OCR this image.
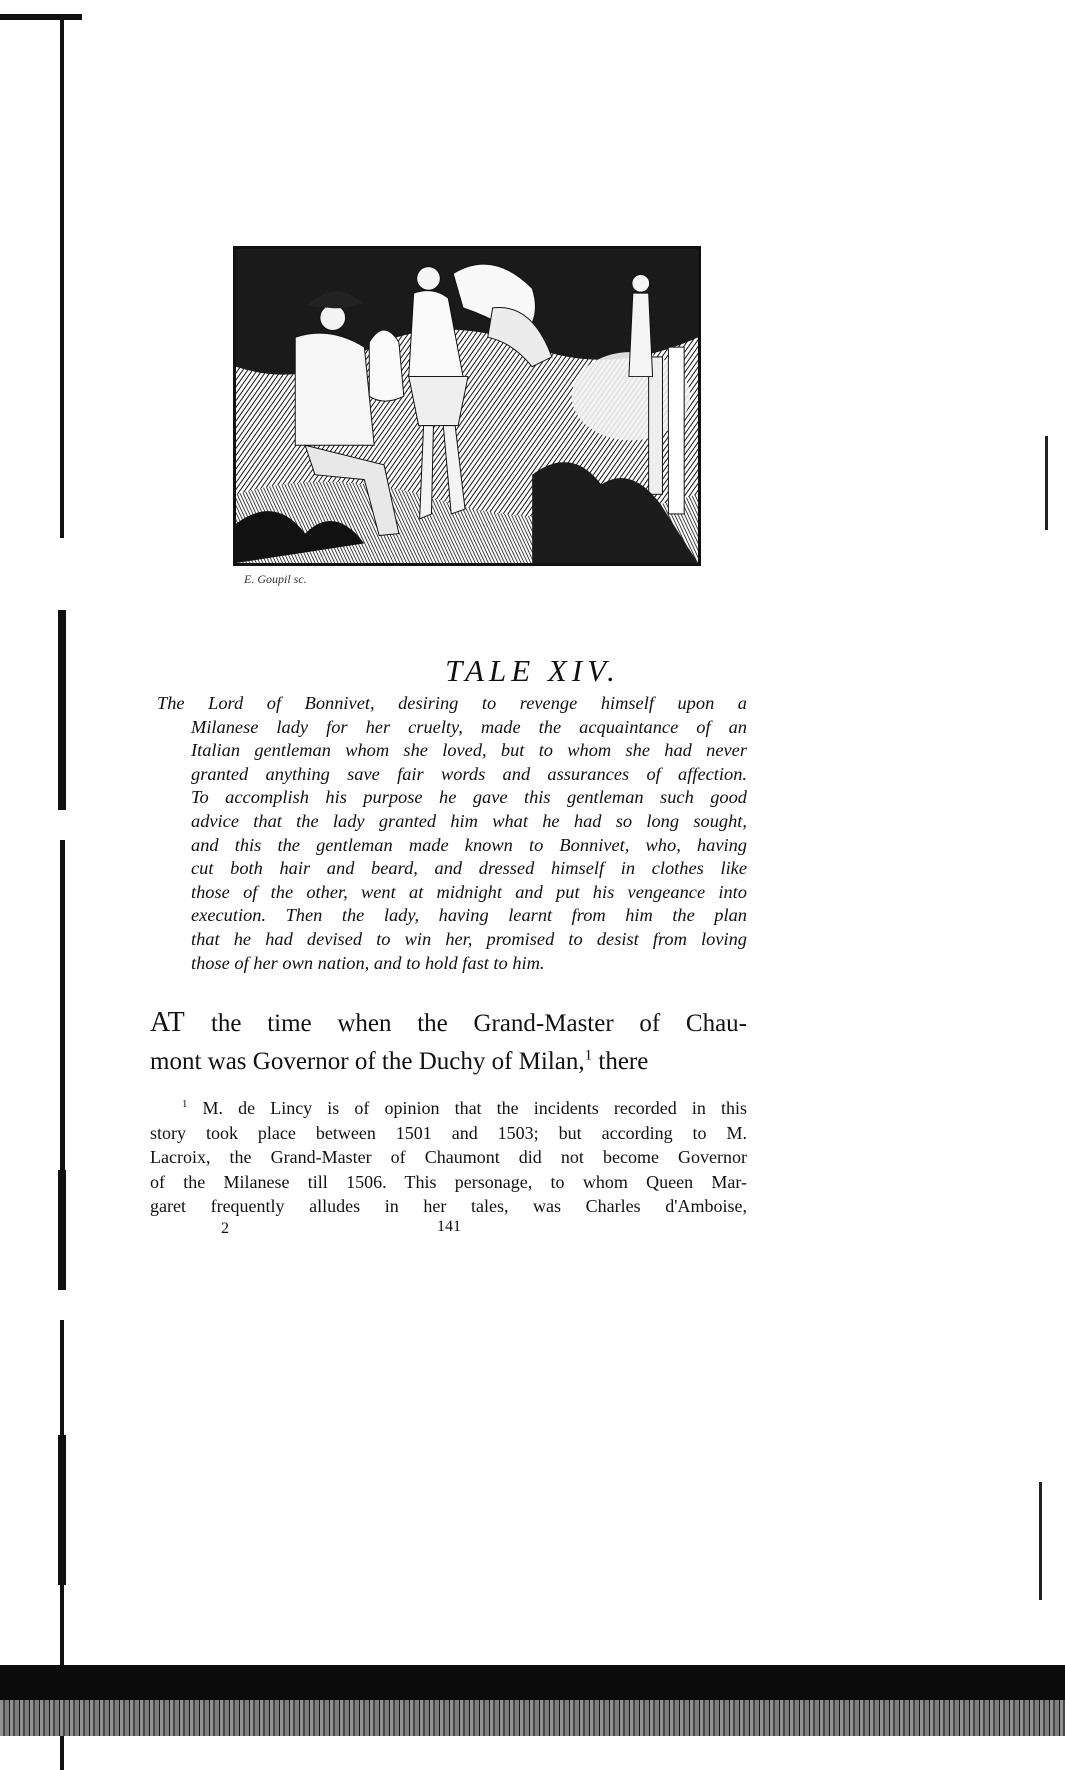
E. Goupil sc.
TALE XIV.
The Lord of Bonnivet, desiring to revenge himself upon a
Milanese lady for her cruelty, made the acquaintance of an
Italian gentleman whom she loved, but to whom she had never
granted anything save fair words and assurances of affection.
To accomplish his purpose he gave this gentleman such good
advice that the lady granted him what he had so long sought,
and this the gentleman made known to Bonnivet, who, having
cut both hair and beard, and dressed himself in clothes like
those of the other, went at midnight and put his vengeance into
execution. Then the lady, having learnt from him the plan
that he had devised to win her, promised to desist from loving
those of her own nation, and to hold fast to him.
AT the time when the Grand-Master of Chau-
mont was Governor of the Duchy of Milan,$^1$ there
$^1$ M. de Lincy is of opinion that the incidents recorded in this
story took place between 1501 and 1503; but according to M.
Lacroix, the Grand-Master of Chaumont did not become Governor
of the Milanese till 1506. This personage, to whom Queen Mar-
garet frequently alludes in her tales, was Charles d'Amboise,
2	141
